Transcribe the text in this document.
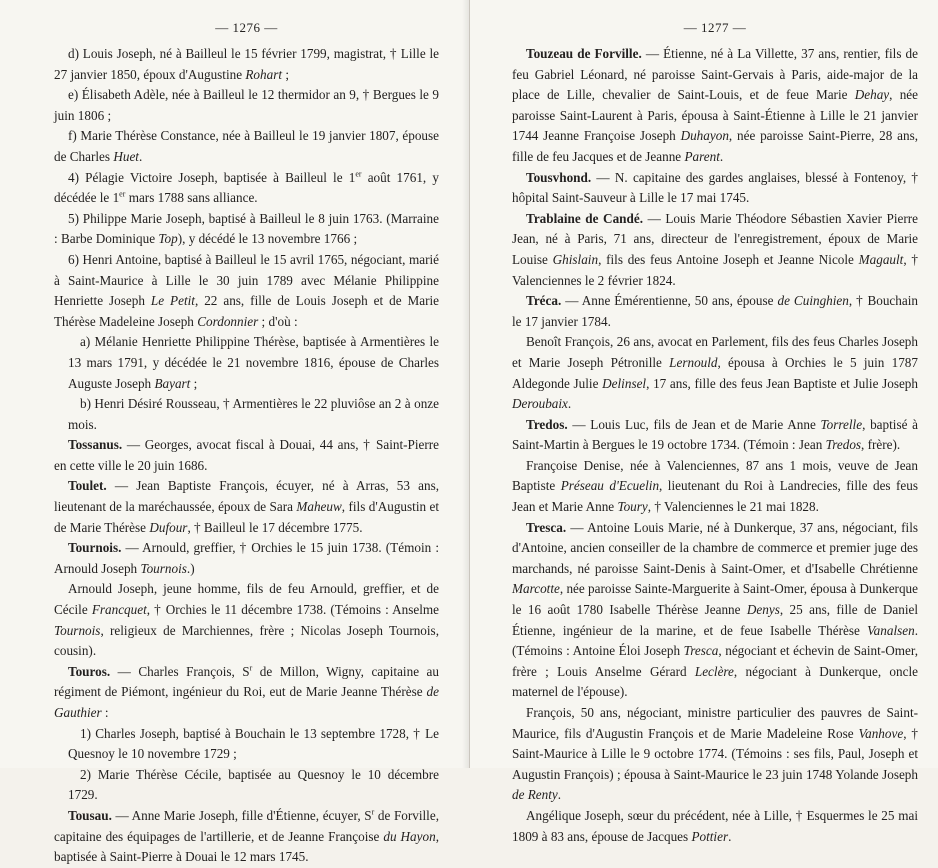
— 1276 —

d) Louis Joseph, né à Bailleul le 15 février 1799, magistrat, † Lille le 27 janvier 1850, époux d'Augustine Rohart ;

e) Élisabeth Adèle, née à Bailleul le 12 thermidor an 9, † Bergues le 9 juin 1806 ;

f) Marie Thérèse Constance, née à Bailleul le 19 janvier 1807, épouse de Charles Huet.

4) Pélagie Victoire Joseph, baptisée à Bailleul le 1er août 1761, y décédée le 1er mars 1788 sans alliance.

5) Philippe Marie Joseph, baptisé à Bailleul le 8 juin 1763. (Marraine : Barbe Dominique Top), y décédé le 13 novembre 1766 ;

6) Henri Antoine, baptisé à Bailleul le 15 avril 1765, négociant, marié à Saint-Maurice à Lille le 30 juin 1789 avec Mélanie Philippine Henriette Joseph Le Petit, 22 ans, fille de Louis Joseph et de Marie Thérèse Madeleine Joseph Cordonnier ; d'où :

a) Mélanie Henriette Philippine Thérèse, baptisée à Armentières le 13 mars 1791, y décédée le 21 novembre 1816, épouse de Charles Auguste Joseph Bayart ;

b) Henri Désiré Rousseau, † Armentières le 22 pluviôse an 2 à onze mois.

Tossanus. — Georges, avocat fiscal à Douai, 44 ans, † Saint-Pierre en cette ville le 20 juin 1686.

Toulet. — Jean Baptiste François, écuyer, né à Arras, 53 ans, lieutenant de la maréchaussée, époux de Sara Maheuw, fils d'Augustin et de Marie Thérèse Dufour, † Bailleul le 17 décembre 1775.

Tournois. — Arnould, greffier, † Orchies le 15 juin 1738. (Témoin : Arnould Joseph Tournois.)

Arnould Joseph, jeune homme, fils de feu Arnould, greffier, et de Cécile Francquet, † Orchies le 11 décembre 1738. (Témoins : Anselme Tournois, religieux de Marchiennes, frère ; Nicolas Joseph Tournois, cousin).

Touros. — Charles François, $S^r$ de Millon, Wigny, capitaine au régiment de Piémont, ingénieur du Roi, eut de Marie Jeanne Thérèse de Gauthier :

1) Charles Joseph, baptisé à Bouchain le 13 septembre 1728, † Le Quesnoy le 10 novembre 1729 ;

2) Marie Thérèse Cécile, baptisée au Quesnoy le 10 décembre 1729.

Tousau. — Anne Marie Joseph, fille d'Étienne, écuyer, $S^r$ de Forville, capitaine des équipages de l'artillerie, et de Jeanne Françoise du Hayon, baptisée à Saint-Pierre à Douai le 12 mars 1745.

— 1277 —

Touzeau de Forville. — Étienne, né à La Villette, 37 ans, rentier, fils de feu Gabriel Léonard, né paroisse Saint-Gervais à Paris, aide-major de la place de Lille, chevalier de Saint-Louis, et de feue Marie Dehay, née paroisse Saint-Laurent à Paris, épousa à Saint-Étienne à Lille le 21 janvier 1744 Jeanne Françoise Joseph Duhayon, née paroisse Saint-Pierre, 28 ans, fille de feu Jacques et de Jeanne Parent.

Tousvhond. — N. capitaine des gardes anglaises, blessé à Fontenoy, † hôpital Saint-Sauveur à Lille le 17 mai 1745.

Trablaine de Candé. — Louis Marie Théodore Sébastien Xavier Pierre Jean, né à Paris, 71 ans, directeur de l'enregistrement, époux de Marie Louise Ghislain, fils des feus Antoine Joseph et Jeanne Nicole Magault, † Valenciennes le 2 février 1824.

Tréca. — Anne Émérentienne, 50 ans, épouse de Cuinghien, † Bouchain le 17 janvier 1784.

Benoît François, 26 ans, avocat en Parlement, fils des feus Charles Joseph et Marie Joseph Pétronille Lernould, épousa à Orchies le 5 juin 1787 Aldegonde Julie Delinsel, 17 ans, fille des feus Jean Baptiste et Julie Joseph Deroubaix.

Tredos. — Louis Luc, fils de Jean et de Marie Anne Torrelle, baptisé à Saint-Martin à Bergues le 19 octobre 1734. (Témoin : Jean Tredos, frère).

Françoise Denise, née à Valenciennes, 87 ans 1 mois, veuve de Jean Baptiste Préseau d'Ecuelin, lieutenant du Roi à Landrecies, fille des feus Jean et Marie Anne Toury, † Valenciennes le 21 mai 1828.

Tresca. — Antoine Louis Marie, né à Dunkerque, 37 ans, négociant, fils d'Antoine, ancien conseiller de la chambre de commerce et premier juge des marchands, né paroisse Saint-Denis à Saint-Omer, et d'Isabelle Chrétienne Marcotte, née paroisse Sainte-Marguerite à Saint-Omer, épousa à Dunkerque le 16 août 1780 Isabelle Thérèse Jeanne Denys, 25 ans, fille de Daniel Étienne, ingénieur de la marine, et de feue Isabelle Thérèse Vanalsen. (Témoins : Antoine Éloi Joseph Tresca, négociant et échevin de Saint-Omer, frère ; Louis Anselme Gérard Leclère, négociant à Dunkerque, oncle maternel de l'épouse).

François, 50 ans, négociant, ministre particulier des pauvres de Saint-Maurice, fils d'Augustin François et de Marie Madeleine Rose Vanhove, † Saint-Maurice à Lille le 9 octobre 1774. (Témoins : ses fils, Paul, Joseph et Augustin François) ; épousa à Saint-Maurice le 23 juin 1748 Yolande Joseph de Renty.

Angélique Joseph, sœur du précédent, née à Lille, † Esquermes le 25 mai 1809 à 83 ans, épouse de Jacques Pottier.
